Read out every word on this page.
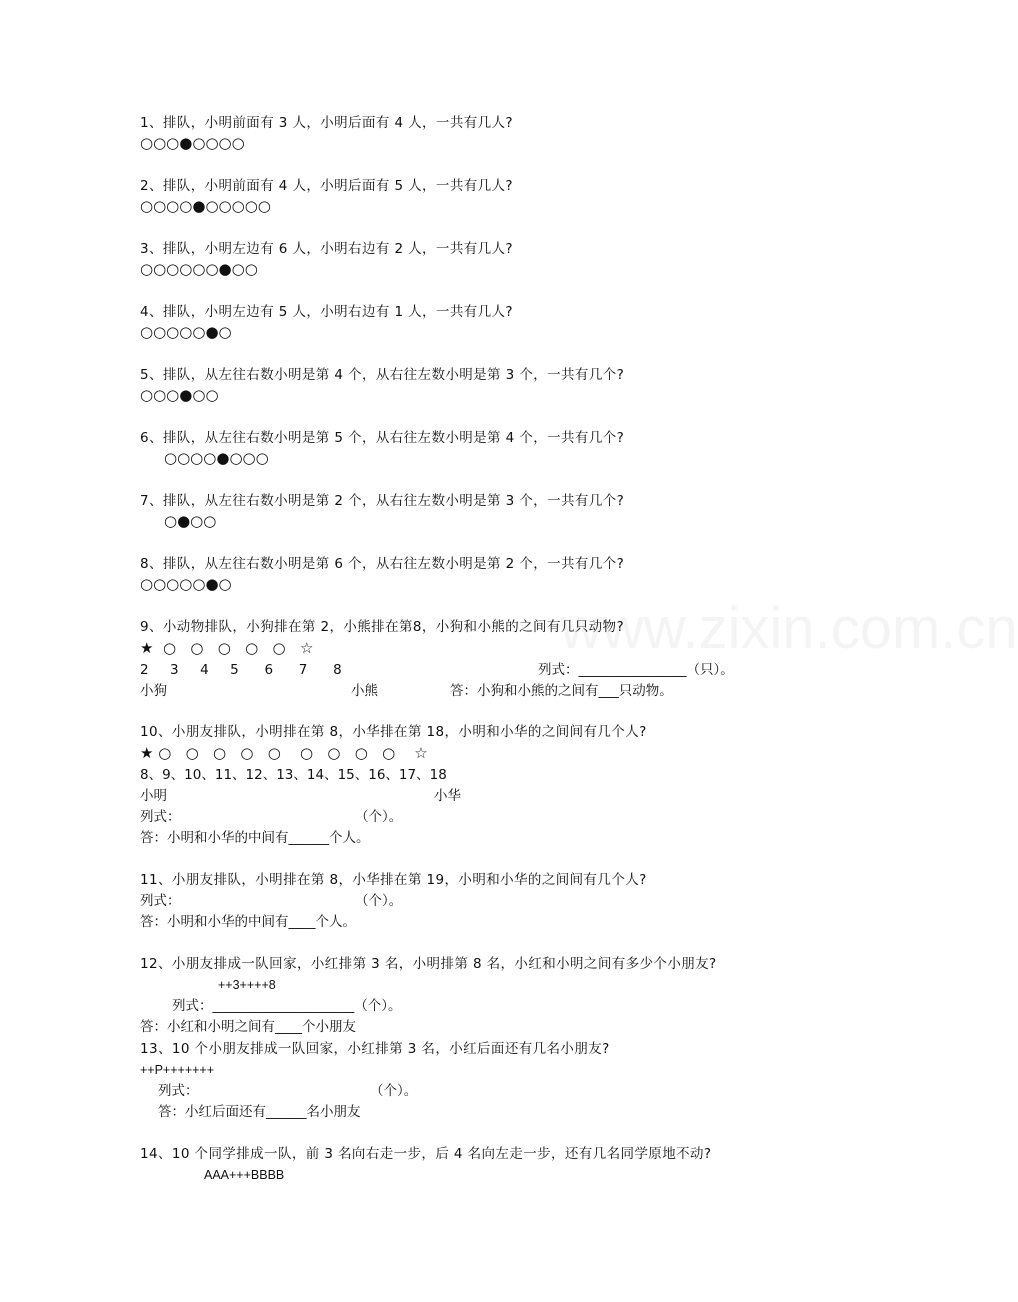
www.zixin.com.cn
1、排队，小明前面有 3 人，小明后面有 4 人，一共有几人?
○○○●○○○○
2、排队，小明前面有 4 人，小明后面有 5 人，一共有几人?
○○○○●○○○○○
3、排队，小明左边有 6 人，小明右边有 2 人，一共有几人?
○○○○○○●○○
4、排队，小明左边有 5 人，小明右边有 1 人，一共有几人?
○○○○○●○
5、排队，从左往右数小明是第 4 个，从右往左数小明是第 3 个，一共有几个?
○○○●○○
6、排队，从左往右数小明是第 5 个，从右往左数小明是第 4 个，一共有几个?
○○○○●○○○
7、排队，从左往右数小明是第 2 个，从右往左数小明是第 3 个，一共有几个?
○●○○
8、排队，从左往右数小明是第 6 个，从右往左数小明是第 2 个，一共有几个?
○○○○○●○
9、小动物排队，小狗排在第 2，小熊排在第8，小狗和小熊的之间有几只动物?
★  ○   ○   ○   ○   ○   ☆
2     3     4     5      6      7      8	列式：________________（只）。
小狗	小熊	答：小狗和小熊的之间有___只动物。
10、小朋友排队，小明排在第 8，小华排在第 18，小明和小华的之间间有几个人?
★ ○   ○   ○   ○   ○    ○   ○   ○   ○    ☆
8、9、10、11、12、13、14、15、16、17、18
小明	小华
列式：	（个）。
答：小明和小华的中间有______个人。
11、小朋友排队，小明排在第 8，小华排在第 19，小明和小华的之间间有几个人?
列式：	（个）。
答：小明和小华的中间有____个人。
12、小朋友排成一队回家，小红排第 3 名，小明排第 8 名，小红和小明之间有多少个小朋友?
++3++++8
列式：_____________________（个）。
答：小红和小明之间有____个小朋友
13、10 个小朋友排成一队回家，小红排第 3 名，小红后面还有几名小朋友?
++P+++++++
列式：	（个）。
答：小红后面还有______名小朋友
14、10 个同学排成一队，前 3 名向右走一步，后 4 名向左走一步，还有几名同学原地不动?
AAA+++BBBB
